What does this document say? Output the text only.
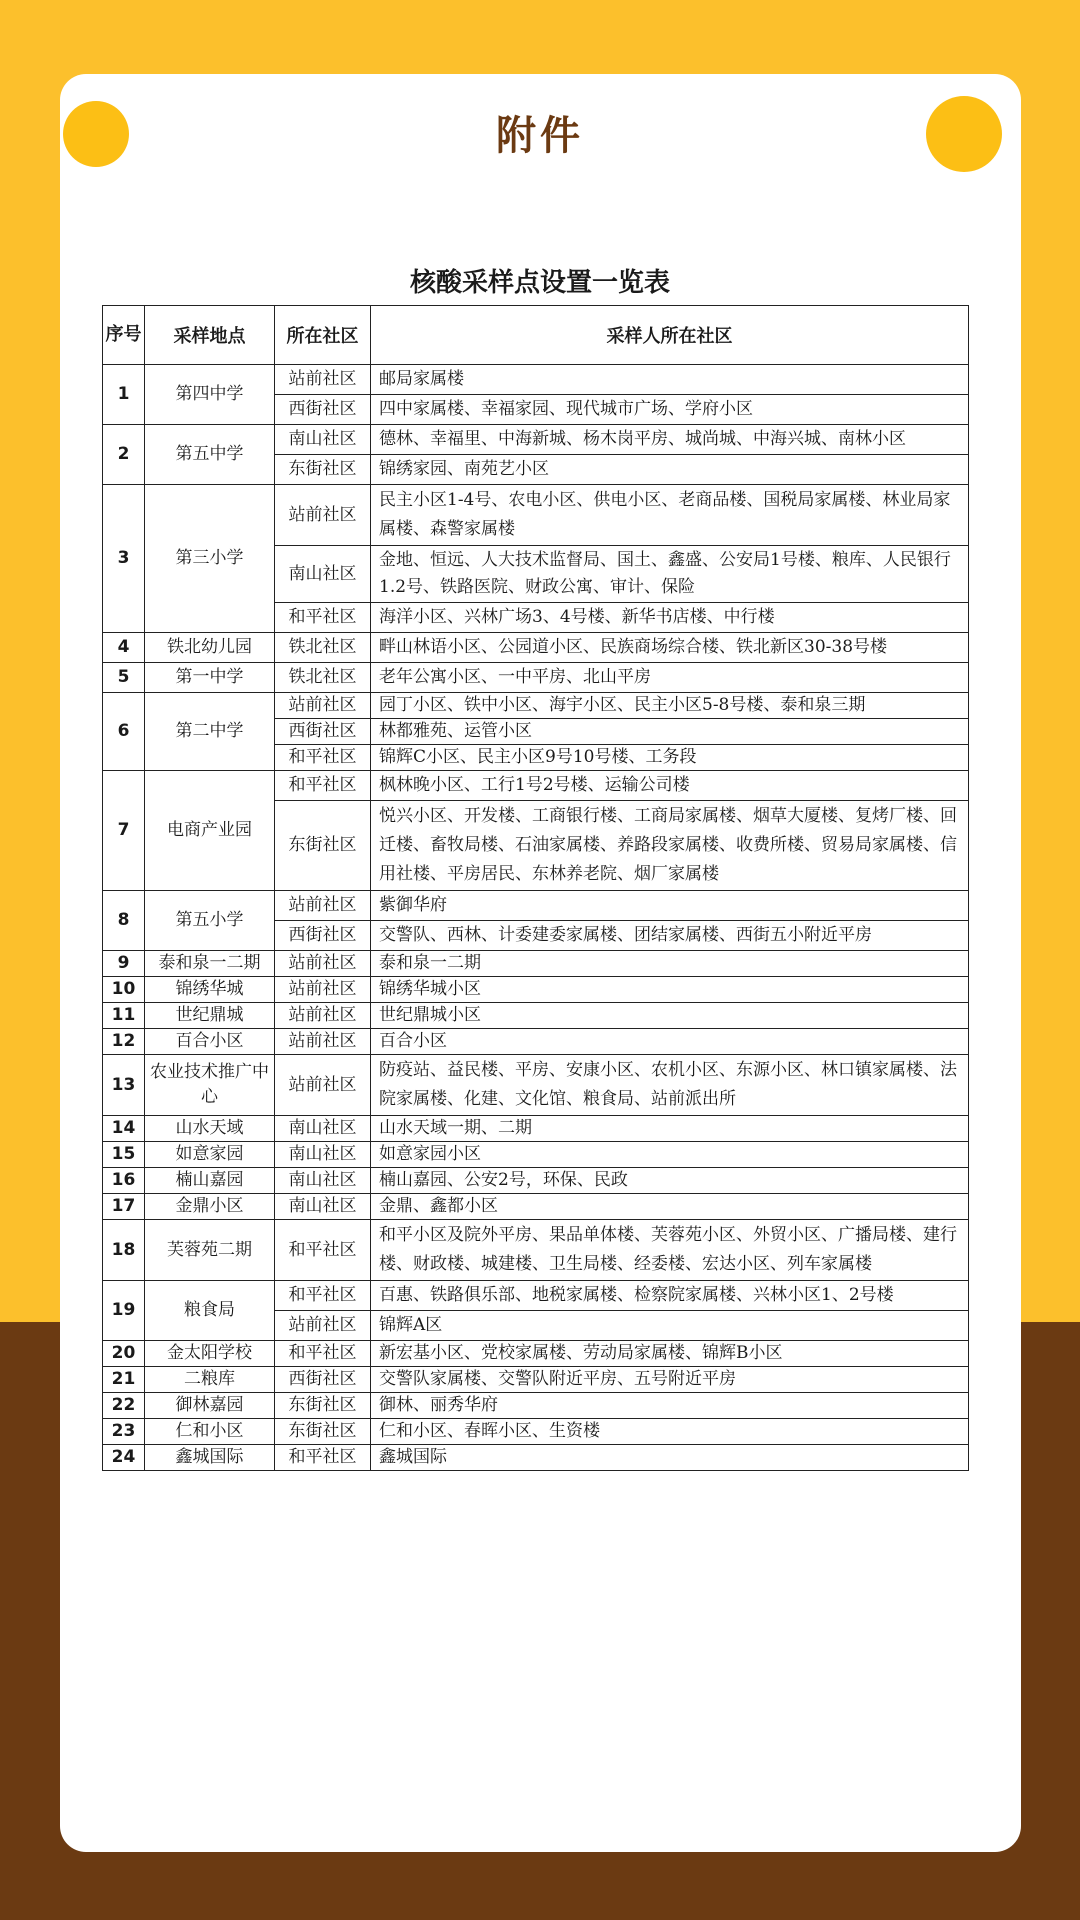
附件
核酸采样点设置一览表
序号	采样地点	所在社区	采样人所在社区
1	第四中学	站前社区	邮局家属楼
		西街社区	四中家属楼、幸福家园、现代城市广场、学府小区
2	第五中学	南山社区	德林、幸福里、中海新城、杨木岗平房、城尚城、中海兴城、南林小区
		东街社区	锦绣家园、南苑艺小区
3	第三小学	站前社区	民主小区1-4号、农电小区、供电小区、老商品楼、国税局家属楼、林业局家属楼、森警家属楼
		南山社区	金地、恒远、人大技术监督局、国土、鑫盛、公安局1号楼、粮库、人民银行1.2号、铁路医院、财政公寓、审计、保险
		和平社区	海洋小区、兴林广场3、4号楼、新华书店楼、中行楼
4	铁北幼儿园	铁北社区	畔山林语小区、公园道小区、民族商场综合楼、铁北新区30-38号楼
5	第一中学	铁北社区	老年公寓小区、一中平房、北山平房
6	第二中学	站前社区	园丁小区、铁中小区、海宇小区、民主小区5-8号楼、泰和泉三期
		西街社区	林都雅苑、运管小区
		和平社区	锦辉C小区、民主小区9号10号楼、工务段
7	电商产业园	和平社区	枫林晚小区、工行1号2号楼、运输公司楼
		东街社区	悦兴小区、开发楼、工商银行楼、工商局家属楼、烟草大厦楼、复烤厂楼、回迁楼、畜牧局楼、石油家属楼、养路段家属楼、收费所楼、贸易局家属楼、信用社楼、平房居民、东林养老院、烟厂家属楼
8	第五小学	站前社区	紫御华府
		西街社区	交警队、西林、计委建委家属楼、团结家属楼、西街五小附近平房
9	泰和泉一二期	站前社区	泰和泉一二期
10	锦绣华城	站前社区	锦绣华城小区
11	世纪鼎城	站前社区	世纪鼎城小区
12	百合小区	站前社区	百合小区
13	农业技术推广中心	站前社区	防疫站、益民楼、平房、安康小区、农机小区、东源小区、林口镇家属楼、法院家属楼、化建、文化馆、粮食局、站前派出所
14	山水天域	南山社区	山水天域一期、二期
15	如意家园	南山社区	如意家园小区
16	楠山嘉园	南山社区	楠山嘉园、公安2号，环保、民政
17	金鼎小区	南山社区	金鼎、鑫都小区
18	芙蓉苑二期	和平社区	和平小区及院外平房、果品单体楼、芙蓉苑小区、外贸小区、广播局楼、建行楼、财政楼、城建楼、卫生局楼、经委楼、宏达小区、列车家属楼
19	粮食局	和平社区	百惠、铁路俱乐部、地税家属楼、检察院家属楼、兴林小区1、2号楼
		站前社区	锦辉A区
20	金太阳学校	和平社区	新宏基小区、党校家属楼、劳动局家属楼、锦辉B小区
21	二粮库	西街社区	交警队家属楼、交警队附近平房、五号附近平房
22	御林嘉园	东街社区	御林、丽秀华府
23	仁和小区	东街社区	仁和小区、春晖小区、生资楼
24	鑫城国际	和平社区	鑫城国际
